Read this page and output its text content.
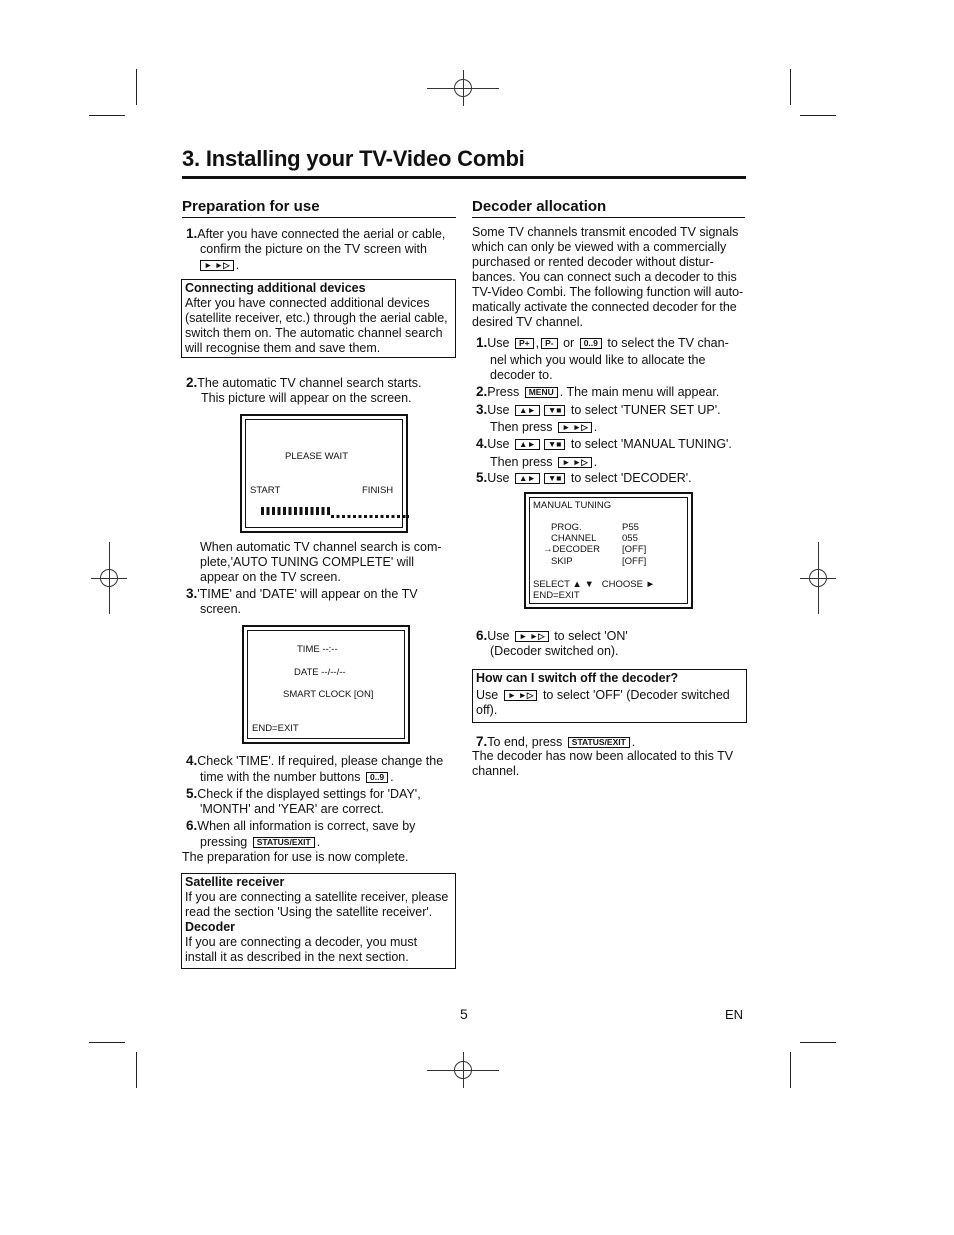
3. Installing your TV-Video Combi
Preparation for use
1.After you have connected the aerial or cable,
confirm the picture on the TV screen with
► ►▷ .
Connecting additional devices
After you have connected additional devices
(satellite receiver, etc.) through the aerial cable,
switch them on. The automatic channel search
will recognise them and save them.
2.The automatic TV channel search starts.
This picture will appear on the screen.
PLEASE WAIT
START	FINISH

When automatic TV channel search is com-
plete,'AUTO TUNING COMPLETE' will
appear on the TV screen.
3.'TIME' and 'DATE' will appear on the TV
screen.
TIME --:--
DATE --/--/--
SMART CLOCK [ON]
END=EXIT
4.Check 'TIME'. If required, please change the
time with the number buttons 0..9 .
5.Check if the displayed settings for 'DAY',
'MONTH' and 'YEAR' are correct.
6.When all information is correct, save by
pressing STATUS/EXIT .
The preparation for use is now complete.
Satellite receiver
If you are connecting a satellite receiver, please
read the section 'Using the satellite receiver'.
Decoder
If you are connecting a decoder, you must
install it as described in the next section.
Decoder allocation
Some TV channels transmit encoded TV signals
which can only be viewed with a commercially
purchased or rented decoder without distur-
bances. You can connect such a decoder to this
TV-Video Combi. The following function will auto-
matically activate the connected decoder for the
desired TV channel.
1.Use P+ , P- or 0..9 to select the TV chan-
nel which you would like to allocate the
decoder to.
2.Press MENU . The main menu will appear.
3.Use ▲► ▼■ to select 'TUNER SET UP'.
Then press ► ►▷ .
4.Use ▲► ▼■ to select 'MANUAL TUNING'.
Then press ► ►▷ .
5.Use ▲► ▼■ to select 'DECODER'.
MANUAL TUNING
PROG.	P55
CHANNEL	055
→DECODER [OFF]
SKIP	[OFF]
SELECT ▲ ▼   CHOOSE ►
END=EXIT
6.Use ► ►▷ to select 'ON'
(Decoder switched on).
How can I switch off the decoder?
Use ► ►▷ to select 'OFF' (Decoder switched
off).
7.To end, press STATUS/EXIT .
The decoder has now been allocated to this TV
channel.
5	EN
